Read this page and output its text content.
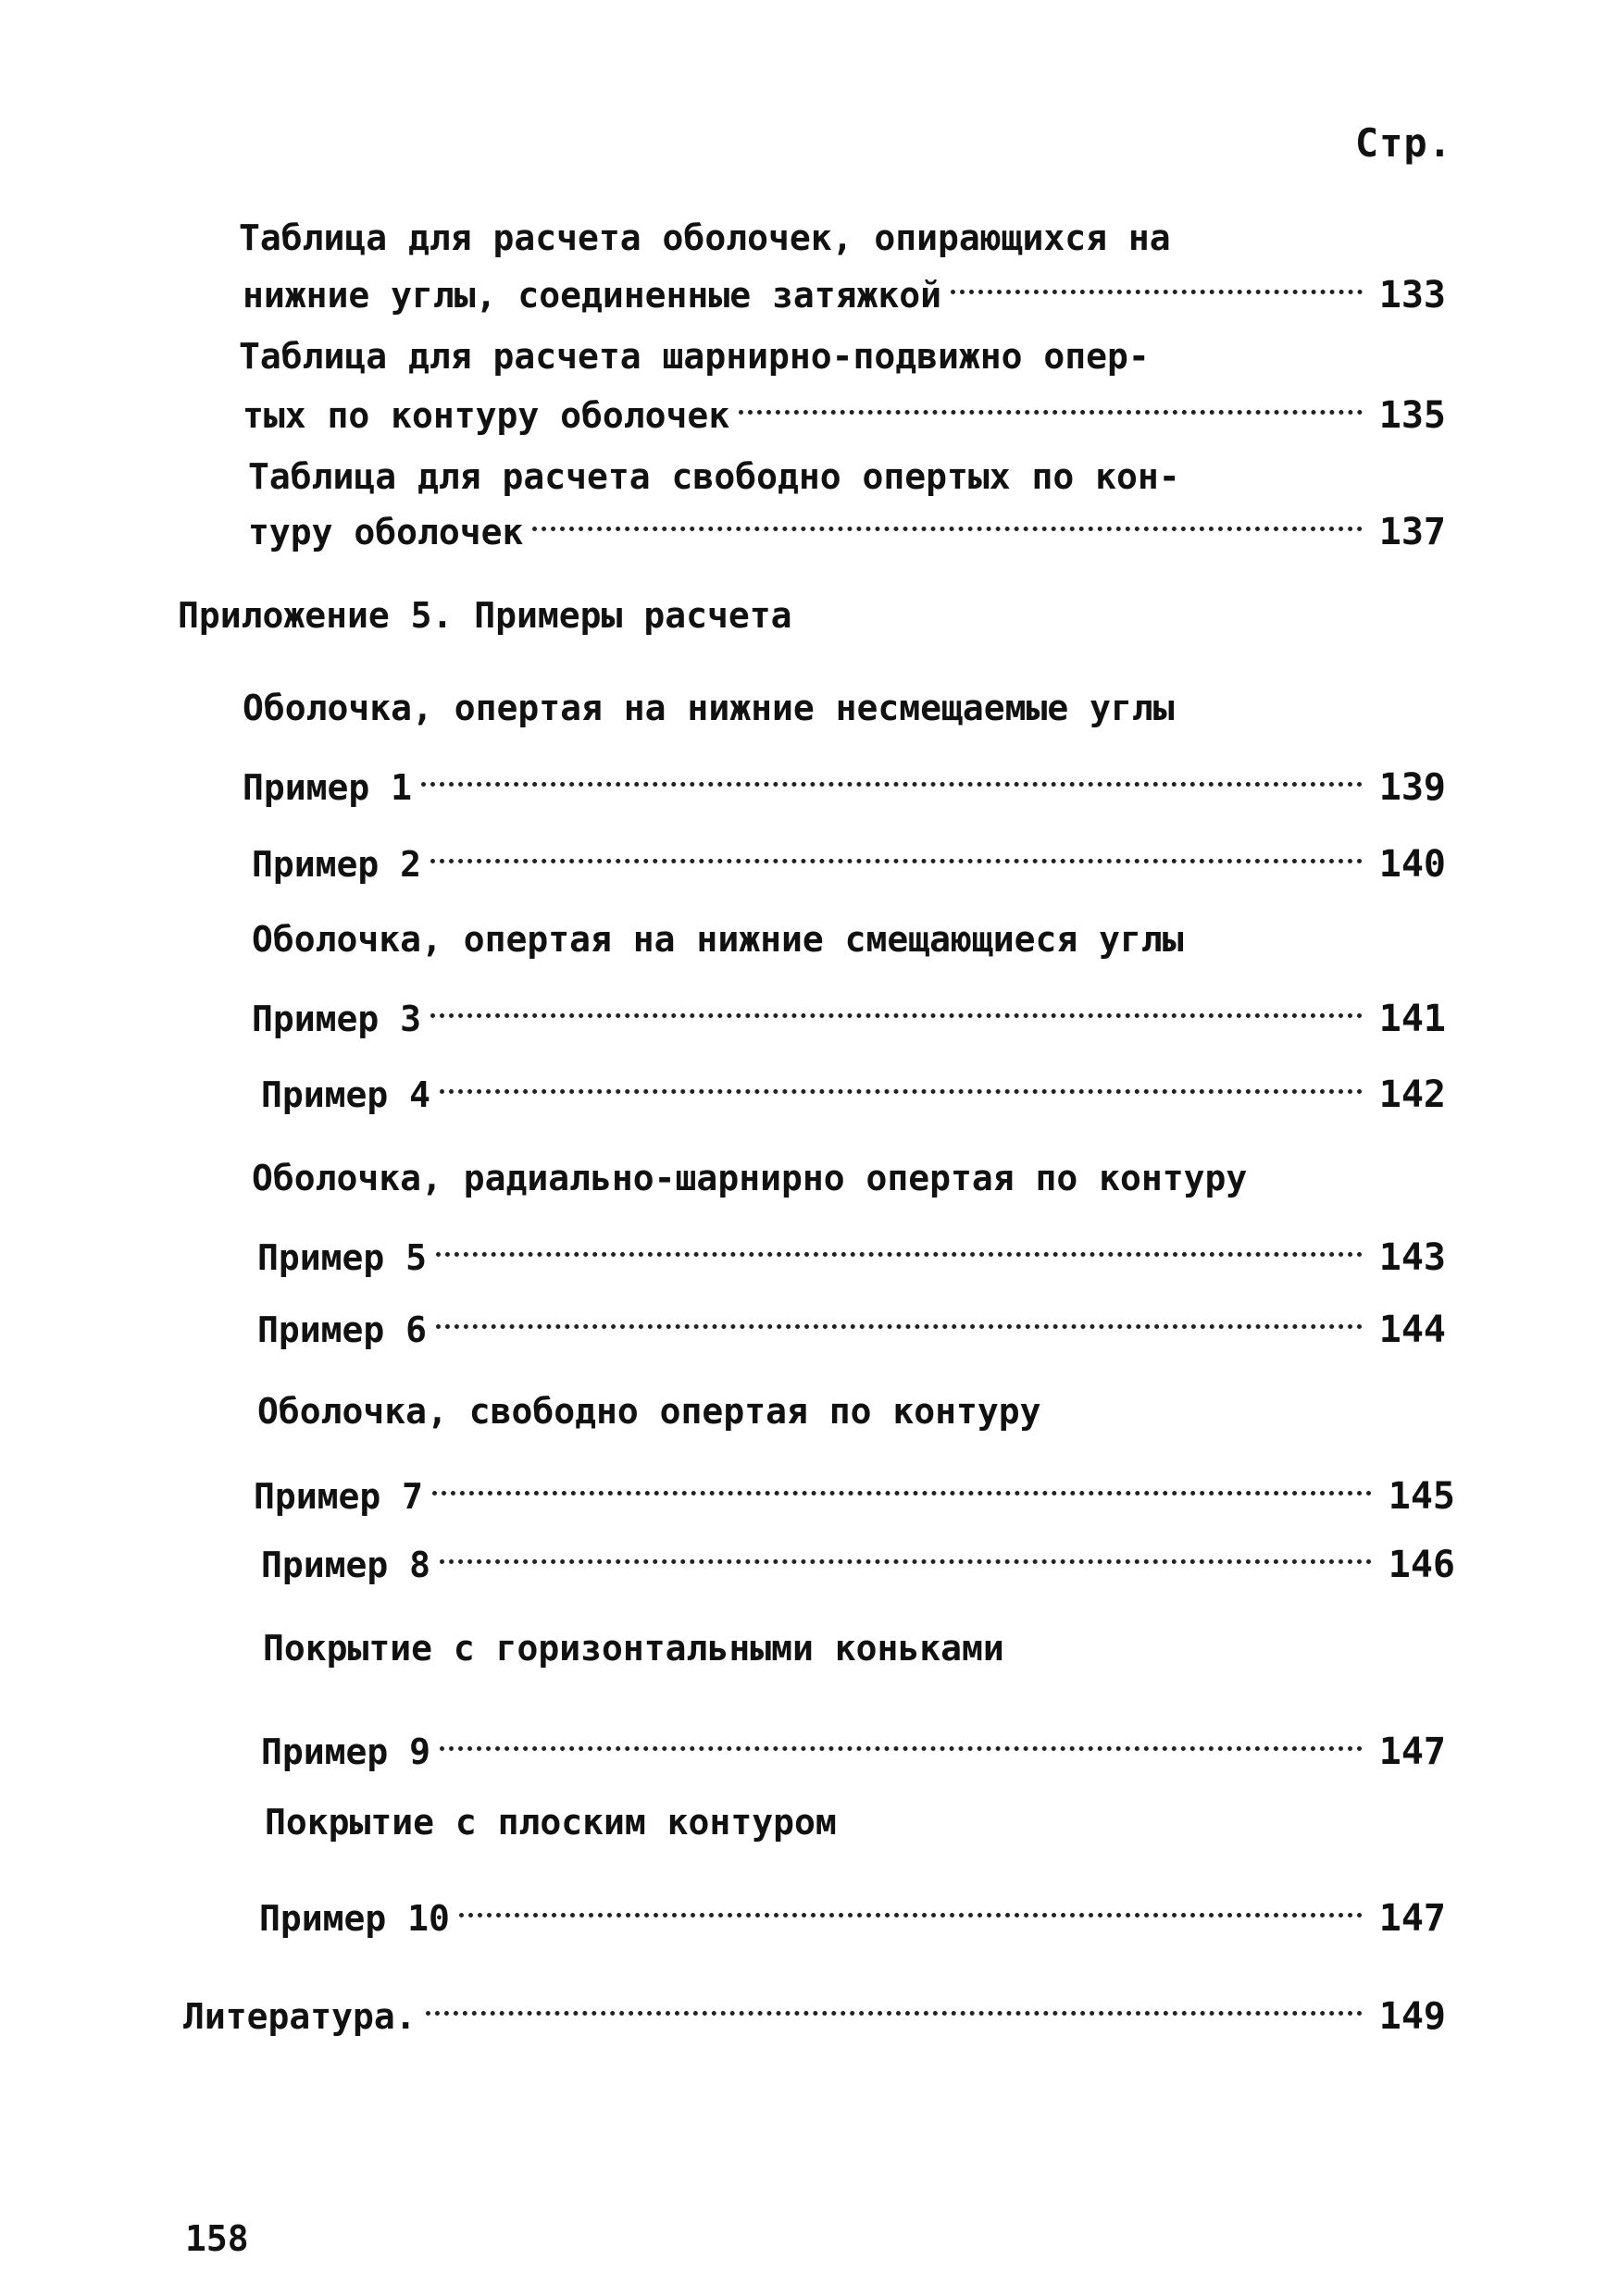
Стр.
Таблица для расчета оболочек, опирающихся на
нижние углы, соединенные затяжкой	133
Таблица для расчета шарнирно-подвижно опер-
тых по контуру оболочек	135
Таблица для расчета свободно опертых по кон-
туру оболочек	137
Приложение 5. Примеры расчета
Оболочка, опертая на нижние несмещаемые углы
Пример 1	139
Пример 2	140
Оболочка, опертая на нижние смещающиеся углы
Пример 3	141
Пример 4	142
Оболочка, радиально-шарнирно опертая по контуру
Пример 5	143
Пример 6	144
Оболочка, свободно опертая по контуру
Пример 7	145
Пример 8	146
Покрытие с горизонтальными коньками
Пример 9	147
Покрытие с плоским контуром
Пример 10	147
Литература.	149
158
